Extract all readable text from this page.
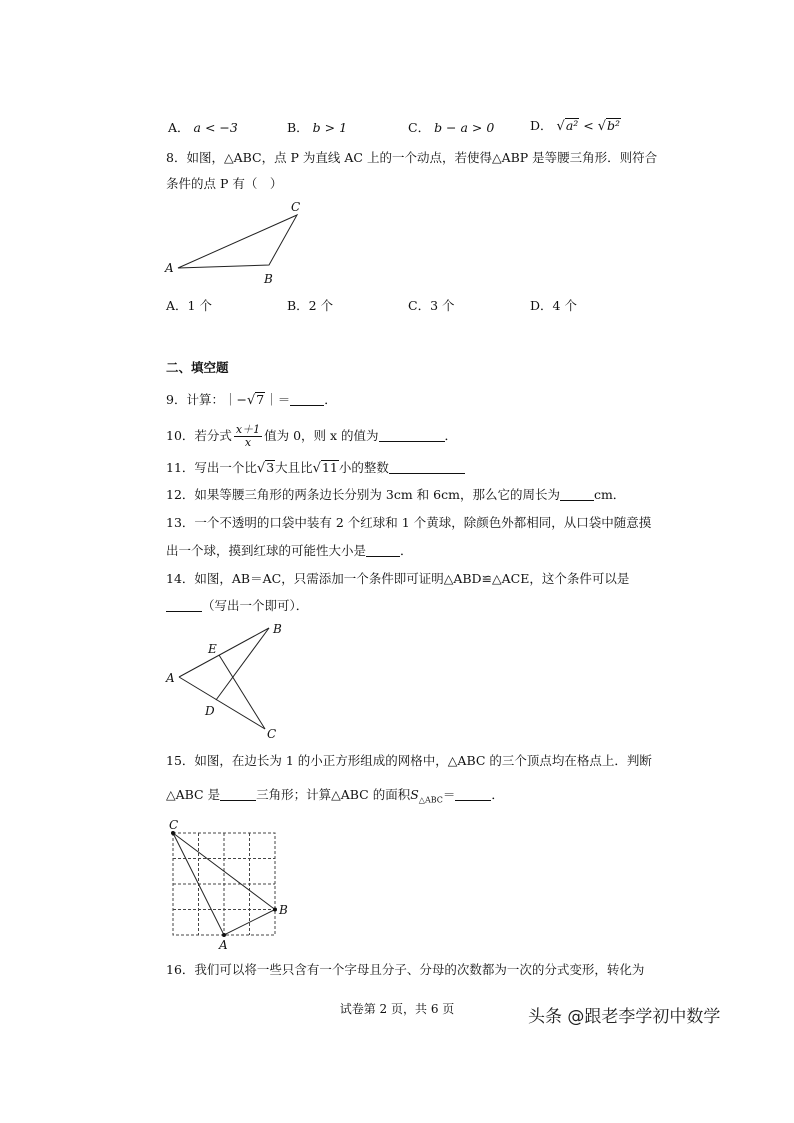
A． a < −3	B． b > 1	C． b − a > 0	D． √a² < √b²
8．如图，△ABC，点 P 为直线 AC 上的一个动点，若使得△ABP 是等腰三角形．则符合
条件的点 P 有（　）
A
B
C
A．1 个	B．2 个	C．3 个	D．4 个
二、填空题
9．计算：｜−√7｜＝	．
10．若分式 $\frac{x+1}{x}$ 值为 0，则 x 的值为	．
11．写出一个比√3大且比√11小的整数
12．如果等腰三角形的两条边长分别为 3cm 和 6cm，那么它的周长为	cm．
13．一个不透明的口袋中装有 2 个红球和 1 个黄球，除颜色外都相同，从口袋中随意摸
出一个球，摸到红球的可能性大小是	．
14．如图，AB＝AC，只需添加一个条件即可证明△ABD≌△ACE，这个条件可以是
（写出一个即可）．
A
B
C
D
E
15．如图，在边长为 1 的小正方形组成的网格中，△ABC 的三个顶点均在格点上．判断
△ABC 是	三角形；计算△ABC 的面积$S_{\triangle ABC}=$	．
C
B
A
16．我们可以将一些只含有一个字母且分子、分母的次数都为一次的分式变形，转化为
试卷第 2 页，共 6 页	头条 @跟老李学初中数学
